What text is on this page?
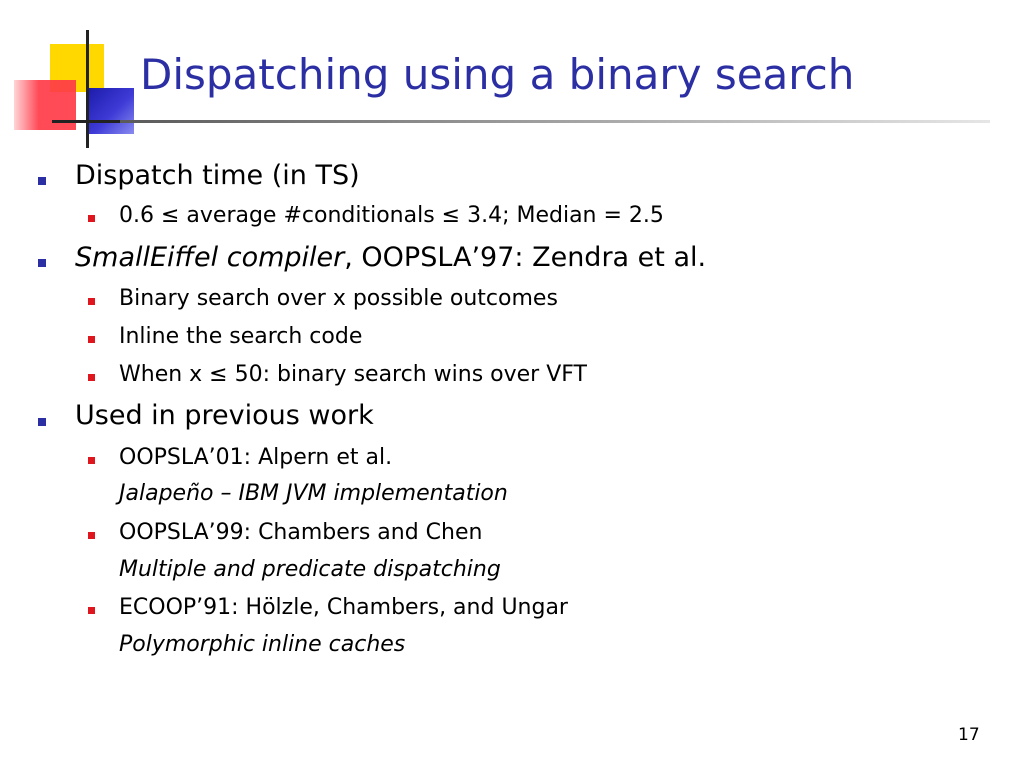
Dispatching using a binary search
Dispatch time (in TS)
0.6 ≤ average #conditionals ≤ 3.4; Median = 2.5
SmallEiffel compiler, OOPSLA’97: Zendra et al.
Binary search over x possible outcomes
Inline the search code
When x ≤ 50: binary search wins over VFT
Used in previous work
OOPSLA’01: Alpern et al.
Jalapeño – IBM JVM implementation
OOPSLA’99: Chambers and Chen
Multiple and predicate dispatching
ECOOP’91: Hölzle, Chambers, and Ungar
Polymorphic inline caches
17
